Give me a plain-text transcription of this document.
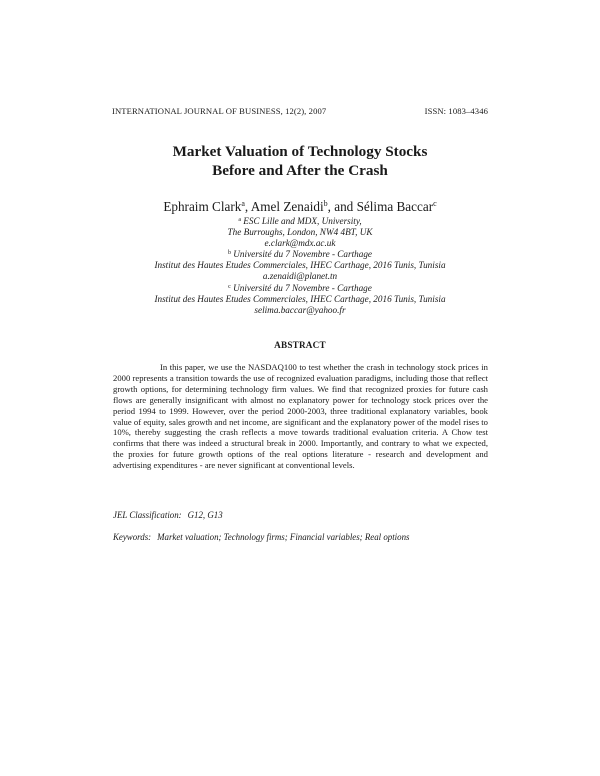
INTERNATIONAL JOURNAL OF BUSINESS, 12(2), 2007	ISSN: 1083–4346
Market Valuation of Technology Stocks
Before and After the Crash
Ephraim Clark$^a$, Amel Zenaidi$^b$, and Sélima Baccar$^c$
$^a$ ESC Lille and MDX, University,
The Burroughs, London, NW4 4BT, UK
e.clark@mdx.ac.uk
$^b$ Université du 7 Novembre - Carthage
Institut des Hautes Etudes Commerciales, IHEC Carthage, 2016 Tunis, Tunisia
a.zenaidi@planet.tn
$^c$ Université du 7 Novembre - Carthage
Institut des Hautes Etudes Commerciales, IHEC Carthage, 2016 Tunis, Tunisia
selima.baccar@yahoo.fr
ABSTRACT
In this paper, we use the NASDAQ100 to test whether the crash in technology stock prices in 2000 represents a transition towards the use of recognized evaluation paradigms, including those that reflect growth options, for determining technology firm values. We find that recognized proxies for future cash flows are generally insignificant with almost no explanatory power for technology stock prices over the period 1994 to 1999. However, over the period 2000-2003, three traditional explanatory variables, book value of equity, sales growth and net income, are significant and the explanatory power of the model rises to 10%, thereby suggesting the crash reflects a move towards traditional evaluation criteria. A Chow test confirms that there was indeed a structural break in 2000. Importantly, and contrary to what we expected, the proxies for future growth options of the real options literature - research and development and advertising expenditures - are never significant at conventional levels.
JEL Classification: G12, G13
Keywords: Market valuation; Technology firms; Financial variables; Real options
